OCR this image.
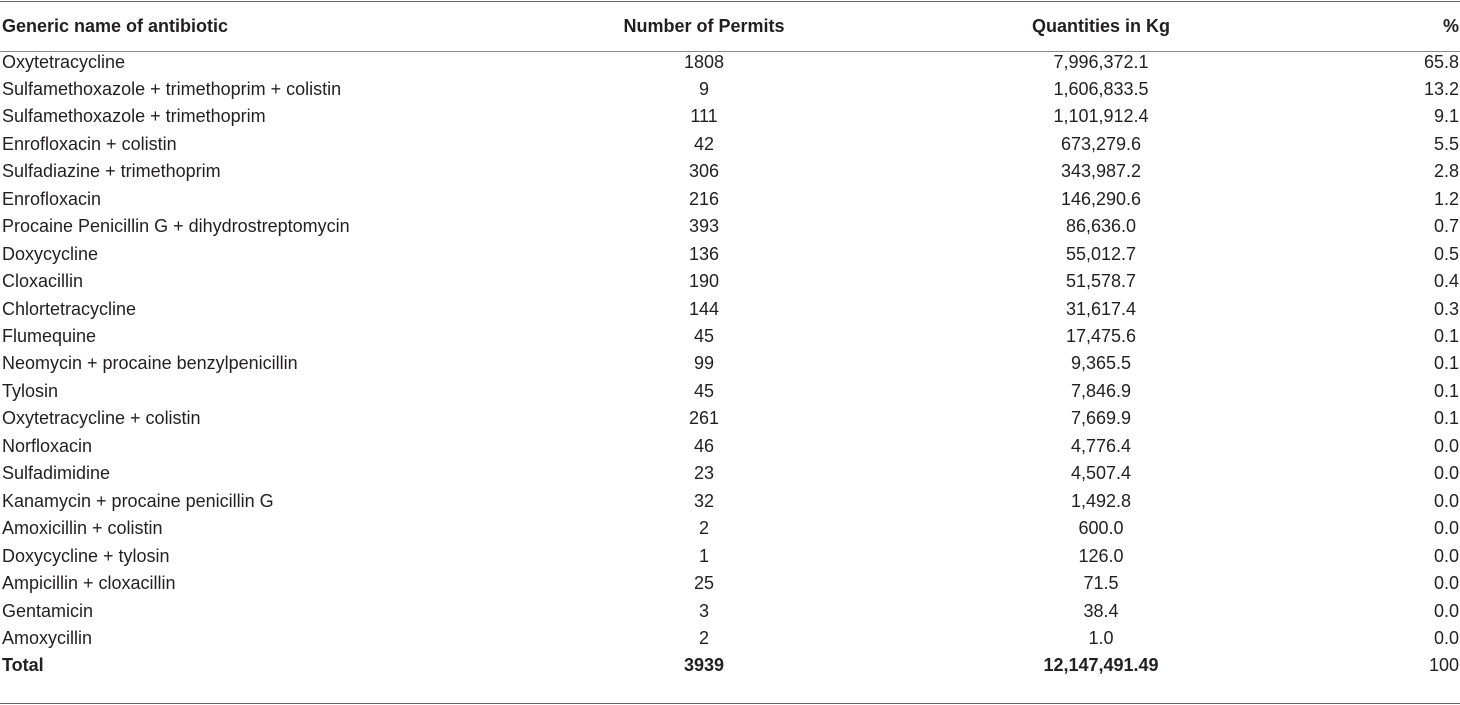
Generic name of antibiotic	Number of Permits	Quantities in Kg	%
Oxytetracycline	1808	7,996,372.1	65.8
Sulfamethoxazole + trimethoprim + colistin	9	1,606,833.5	13.2
Sulfamethoxazole + trimethoprim	111	1,101,912.4	9.1
Enrofloxacin + colistin	42	673,279.6	5.5
Sulfadiazine + trimethoprim	306	343,987.2	2.8
Enrofloxacin	216	146,290.6	1.2
Procaine Penicillin G + dihydrostreptomycin	393	86,636.0	0.7
Doxycycline	136	55,012.7	0.5
Cloxacillin	190	51,578.7	0.4
Chlortetracycline	144	31,617.4	0.3
Flumequine	45	17,475.6	0.1
Neomycin + procaine benzylpenicillin	99	9,365.5	0.1
Tylosin	45	7,846.9	0.1
Oxytetracycline + colistin	261	7,669.9	0.1
Norfloxacin	46	4,776.4	0.0
Sulfadimidine	23	4,507.4	0.0
Kanamycin + procaine penicillin G	32	1,492.8	0.0
Amoxicillin + colistin	2	600.0	0.0
Doxycycline + tylosin	1	126.0	0.0
Ampicillin + cloxacillin	25	71.5	0.0
Gentamicin	3	38.4	0.0
Amoxycillin	2	1.0	0.0
Total	3939	12,147,491.49	100
